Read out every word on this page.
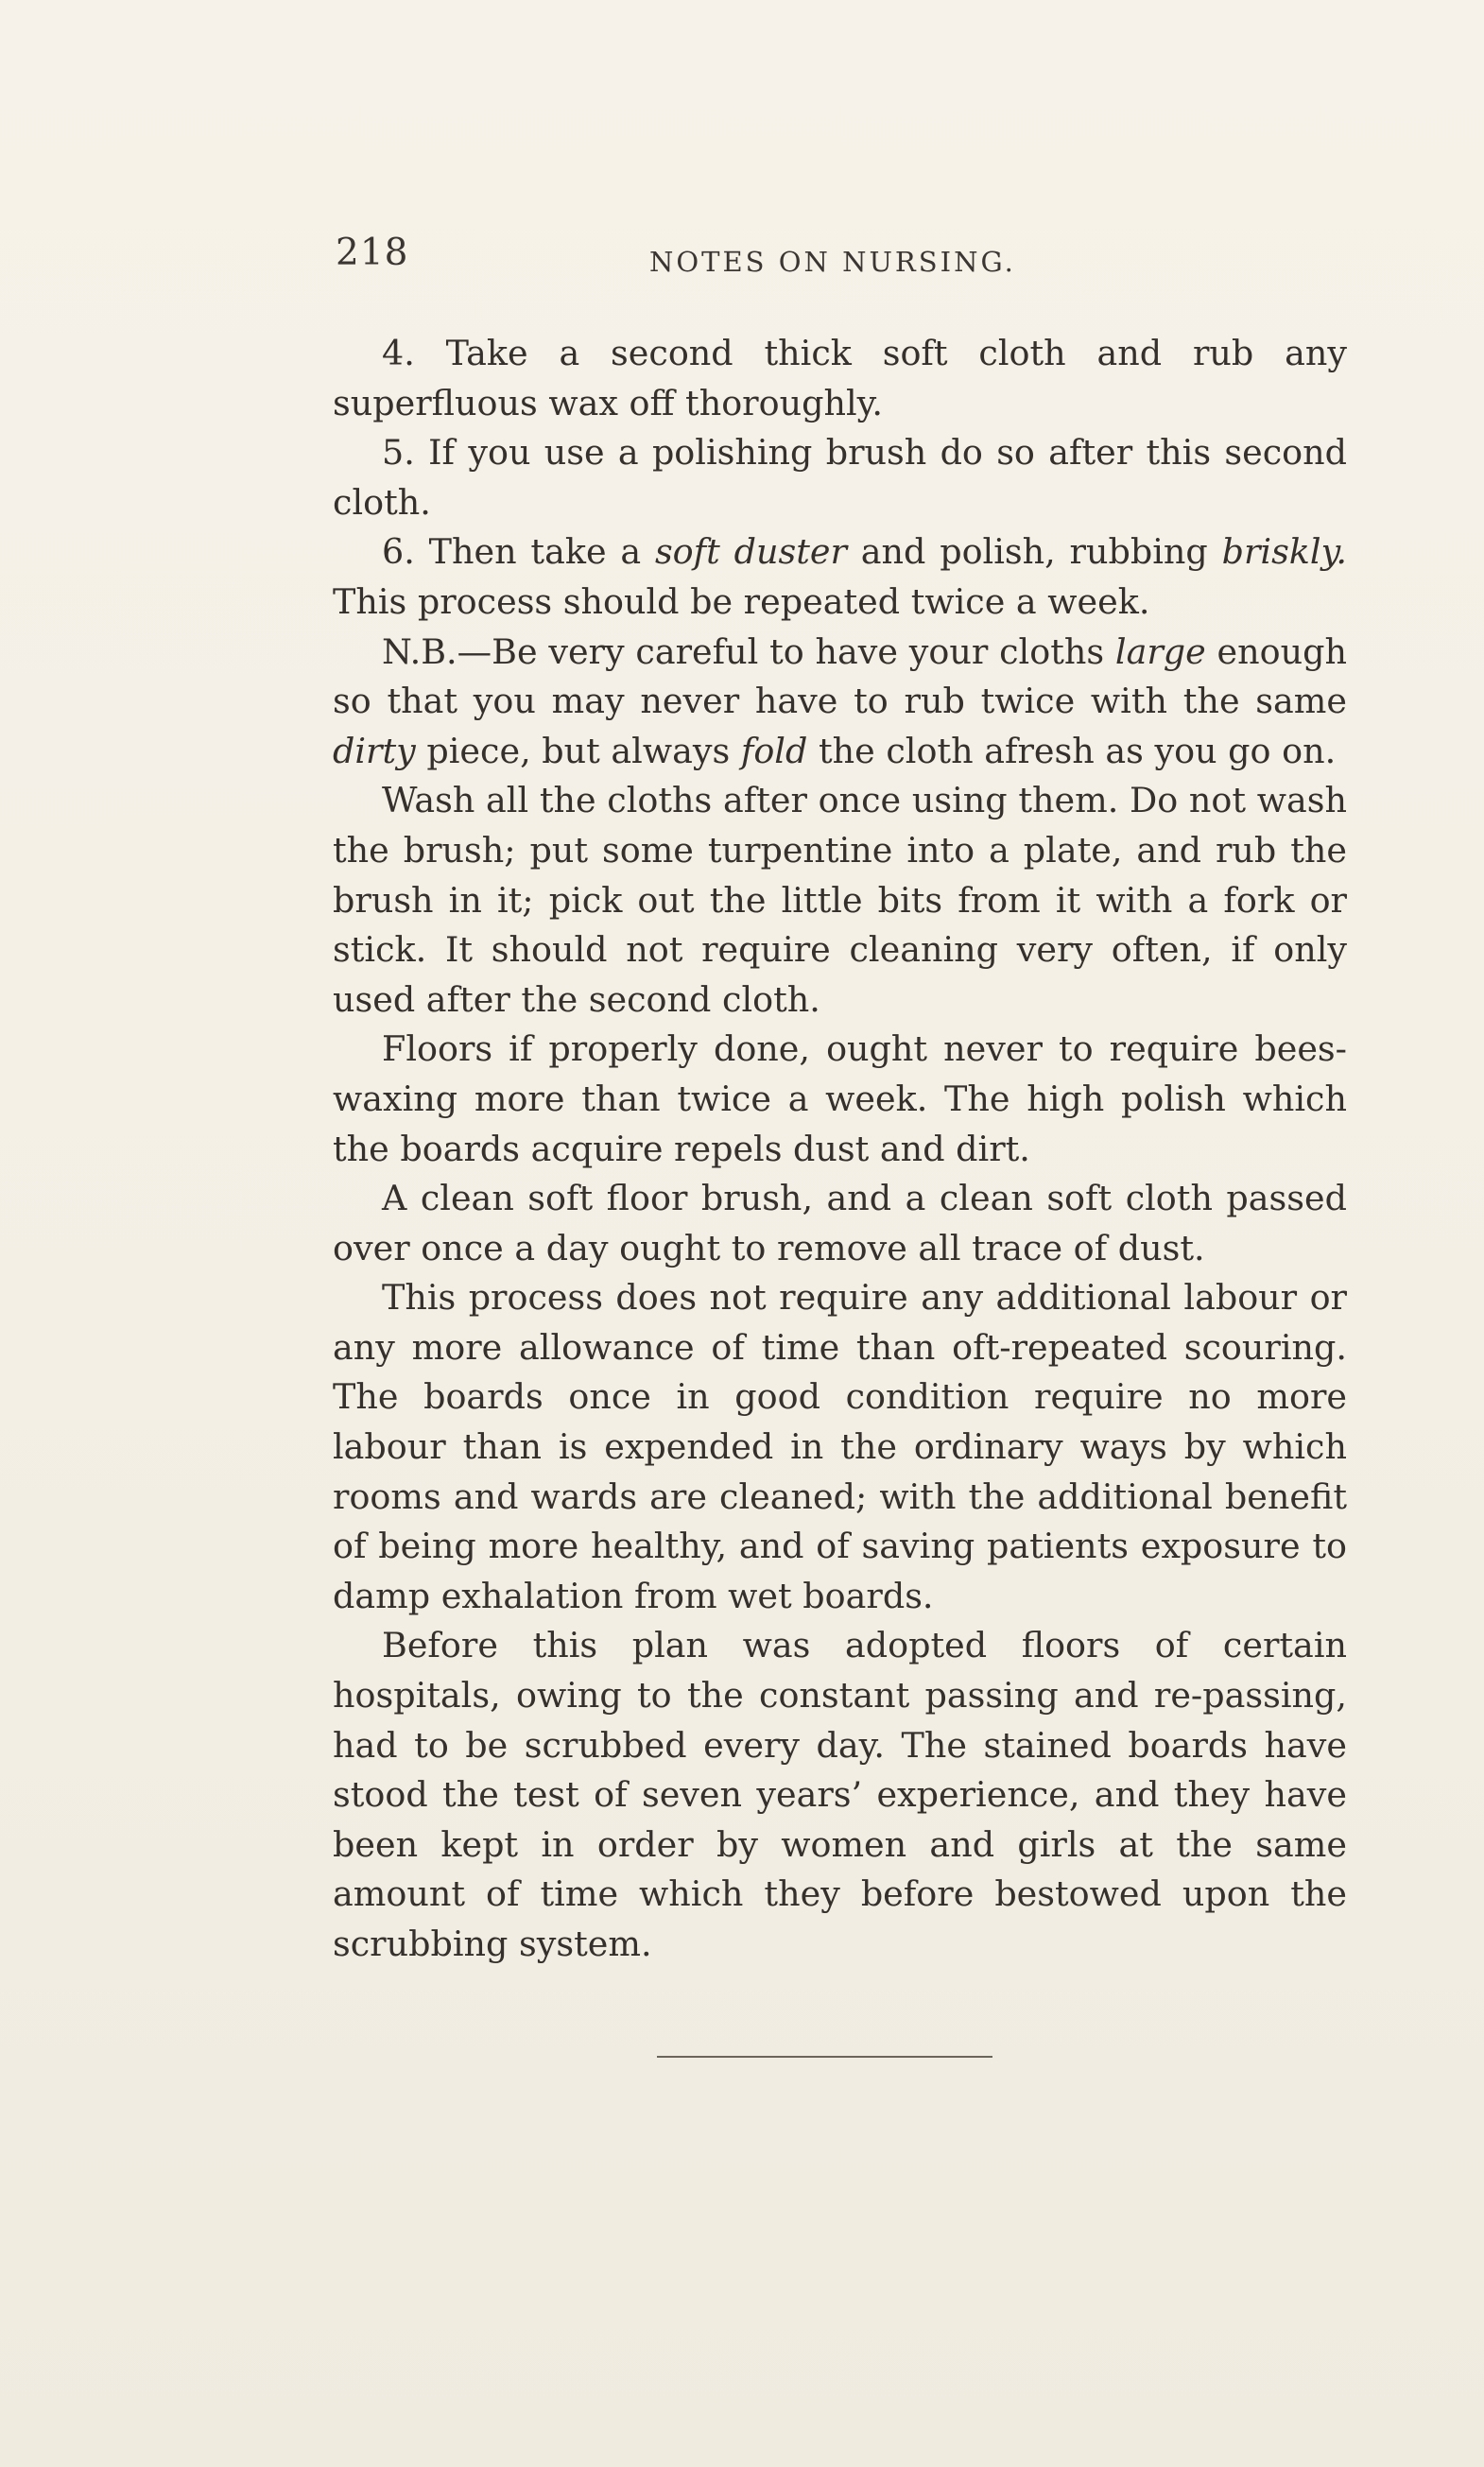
218	NOTES ON NURSING.

4. Take a second thick soft cloth and rub any superfluous wax off thoroughly.

5. If you use a polishing brush do so after this second cloth.

6. Then take a soft duster and polish, rubbing briskly. This process should be repeated twice a week.

N.B.—Be very careful to have your cloths large enough so that you may never have to rub twice with the same dirty piece, but always fold the cloth afresh as you go on.

Wash all the cloths after once using them. Do not wash the brush; put some turpentine into a plate, and rub the brush in it; pick out the little bits from it with a fork or stick. It should not require cleaning very often, if only used after the second cloth.

Floors if properly done, ought never to require bees-waxing more than twice a week. The high polish which the boards acquire repels dust and dirt.

A clean soft floor brush, and a clean soft cloth passed over once a day ought to remove all trace of dust.

This process does not require any additional labour or any more allowance of time than oft-repeated scouring. The boards once in good condition require no more labour than is expended in the ordinary ways by which rooms and wards are cleaned; with the additional benefit of being more healthy, and of saving patients exposure to damp exhalation from wet boards.

Before this plan was adopted floors of certain hospitals, owing to the constant passing and re-passing, had to be scrubbed every day. The stained boards have stood the test of seven years’ experience, and they have been kept in order by women and girls at the same amount of time which they before bestowed upon the scrubbing system.
